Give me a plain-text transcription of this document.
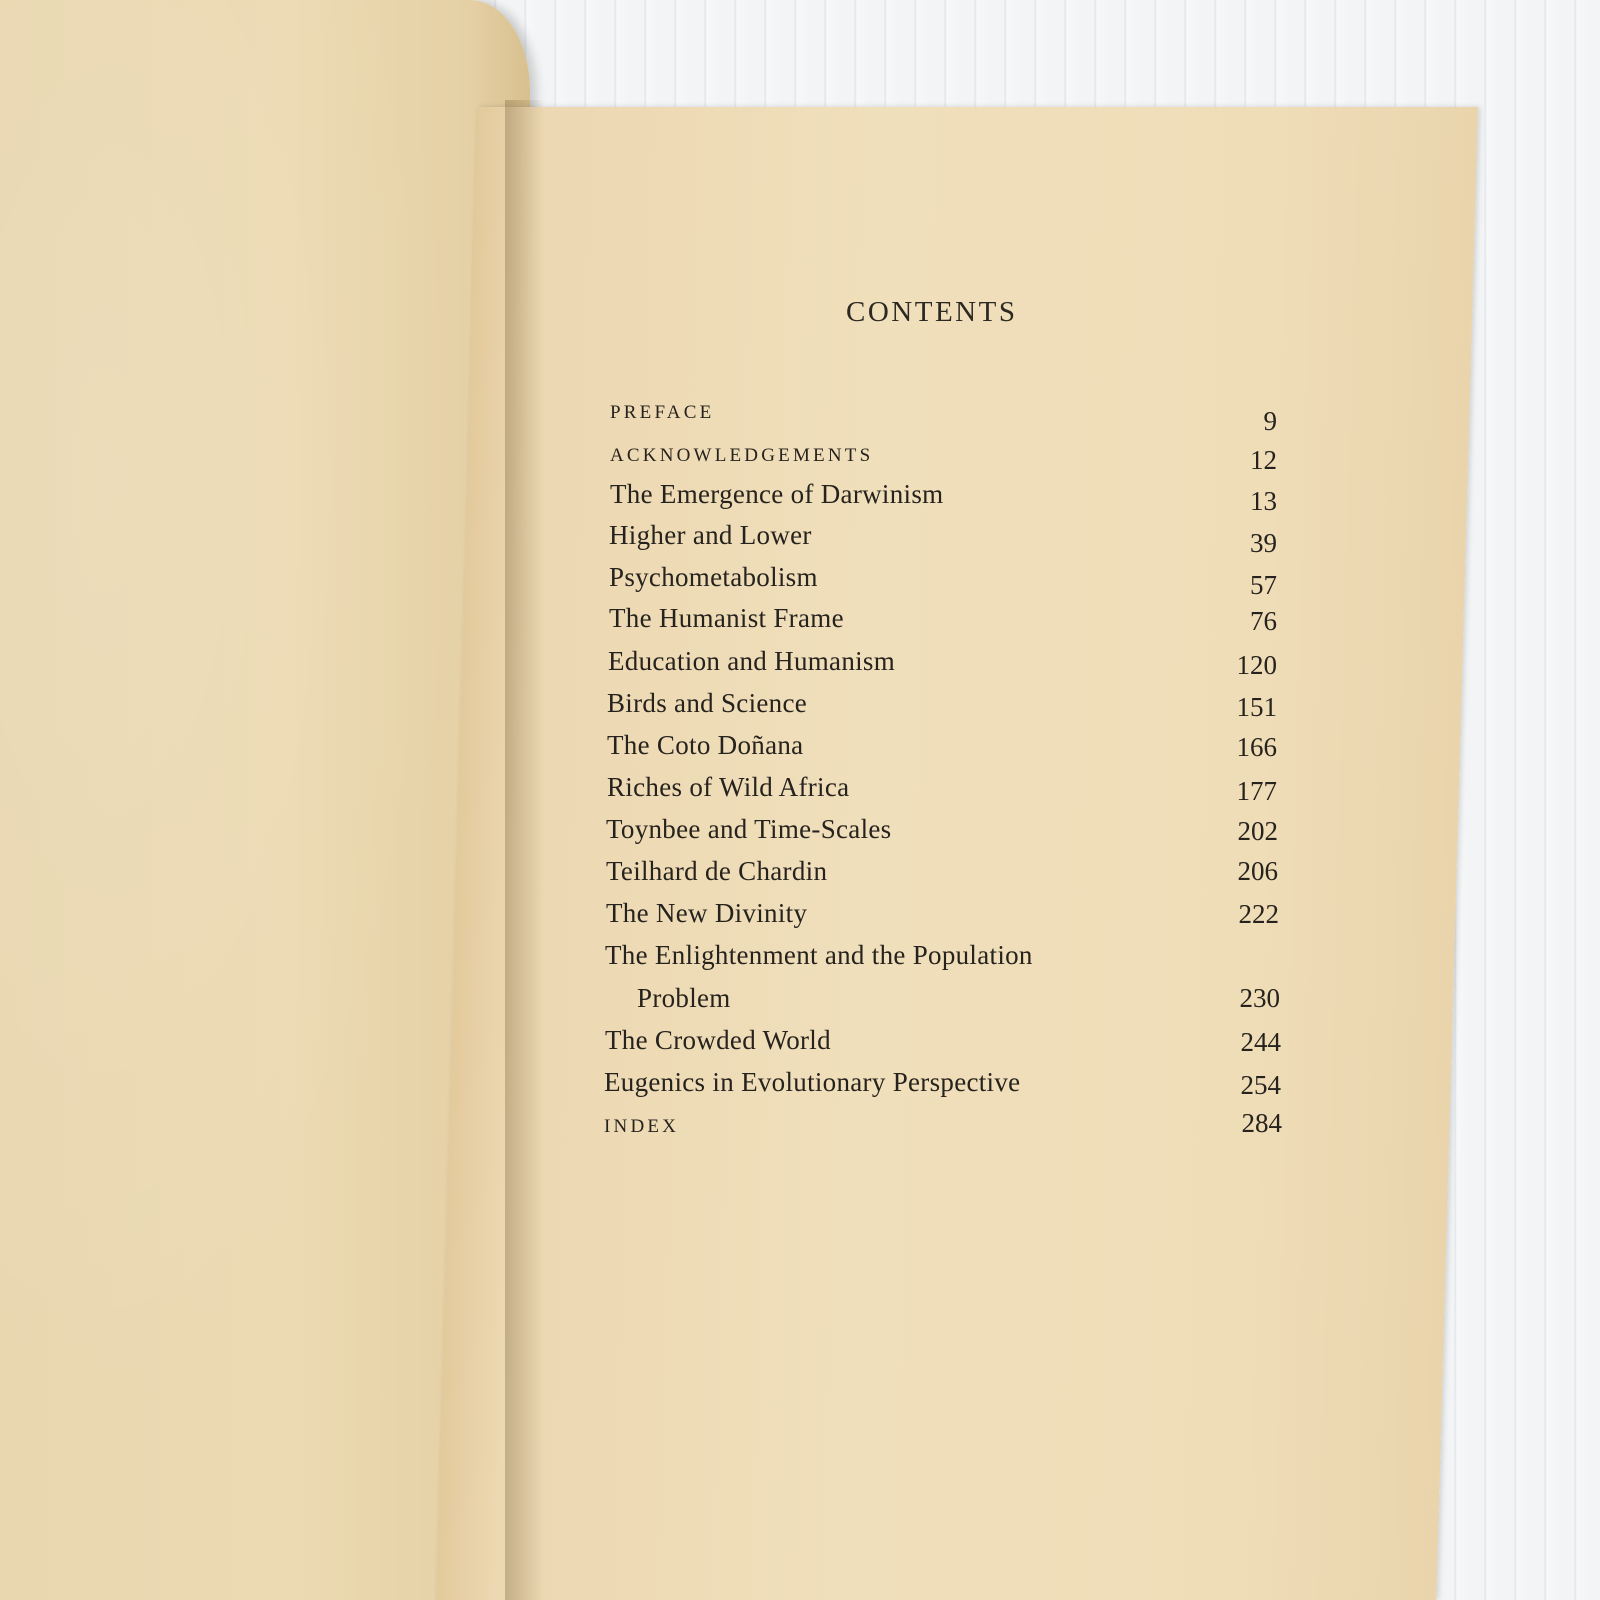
CONTENTS
PREFACE	9
ACKNOWLEDGEMENTS	12
The Emergence of Darwinism	13
Higher and Lower	39
Psychometabolism	57
The Humanist Frame	76
Education and Humanism	120
Birds and Science	151
The Coto Doñana	166
Riches of Wild Africa	177
Toynbee and Time-Scales	202
Teilhard de Chardin	206
The New Divinity	222
The Enlightenment and the Population
Problem	230
The Crowded World	244
Eugenics in Evolutionary Perspective	254
INDEX	284
